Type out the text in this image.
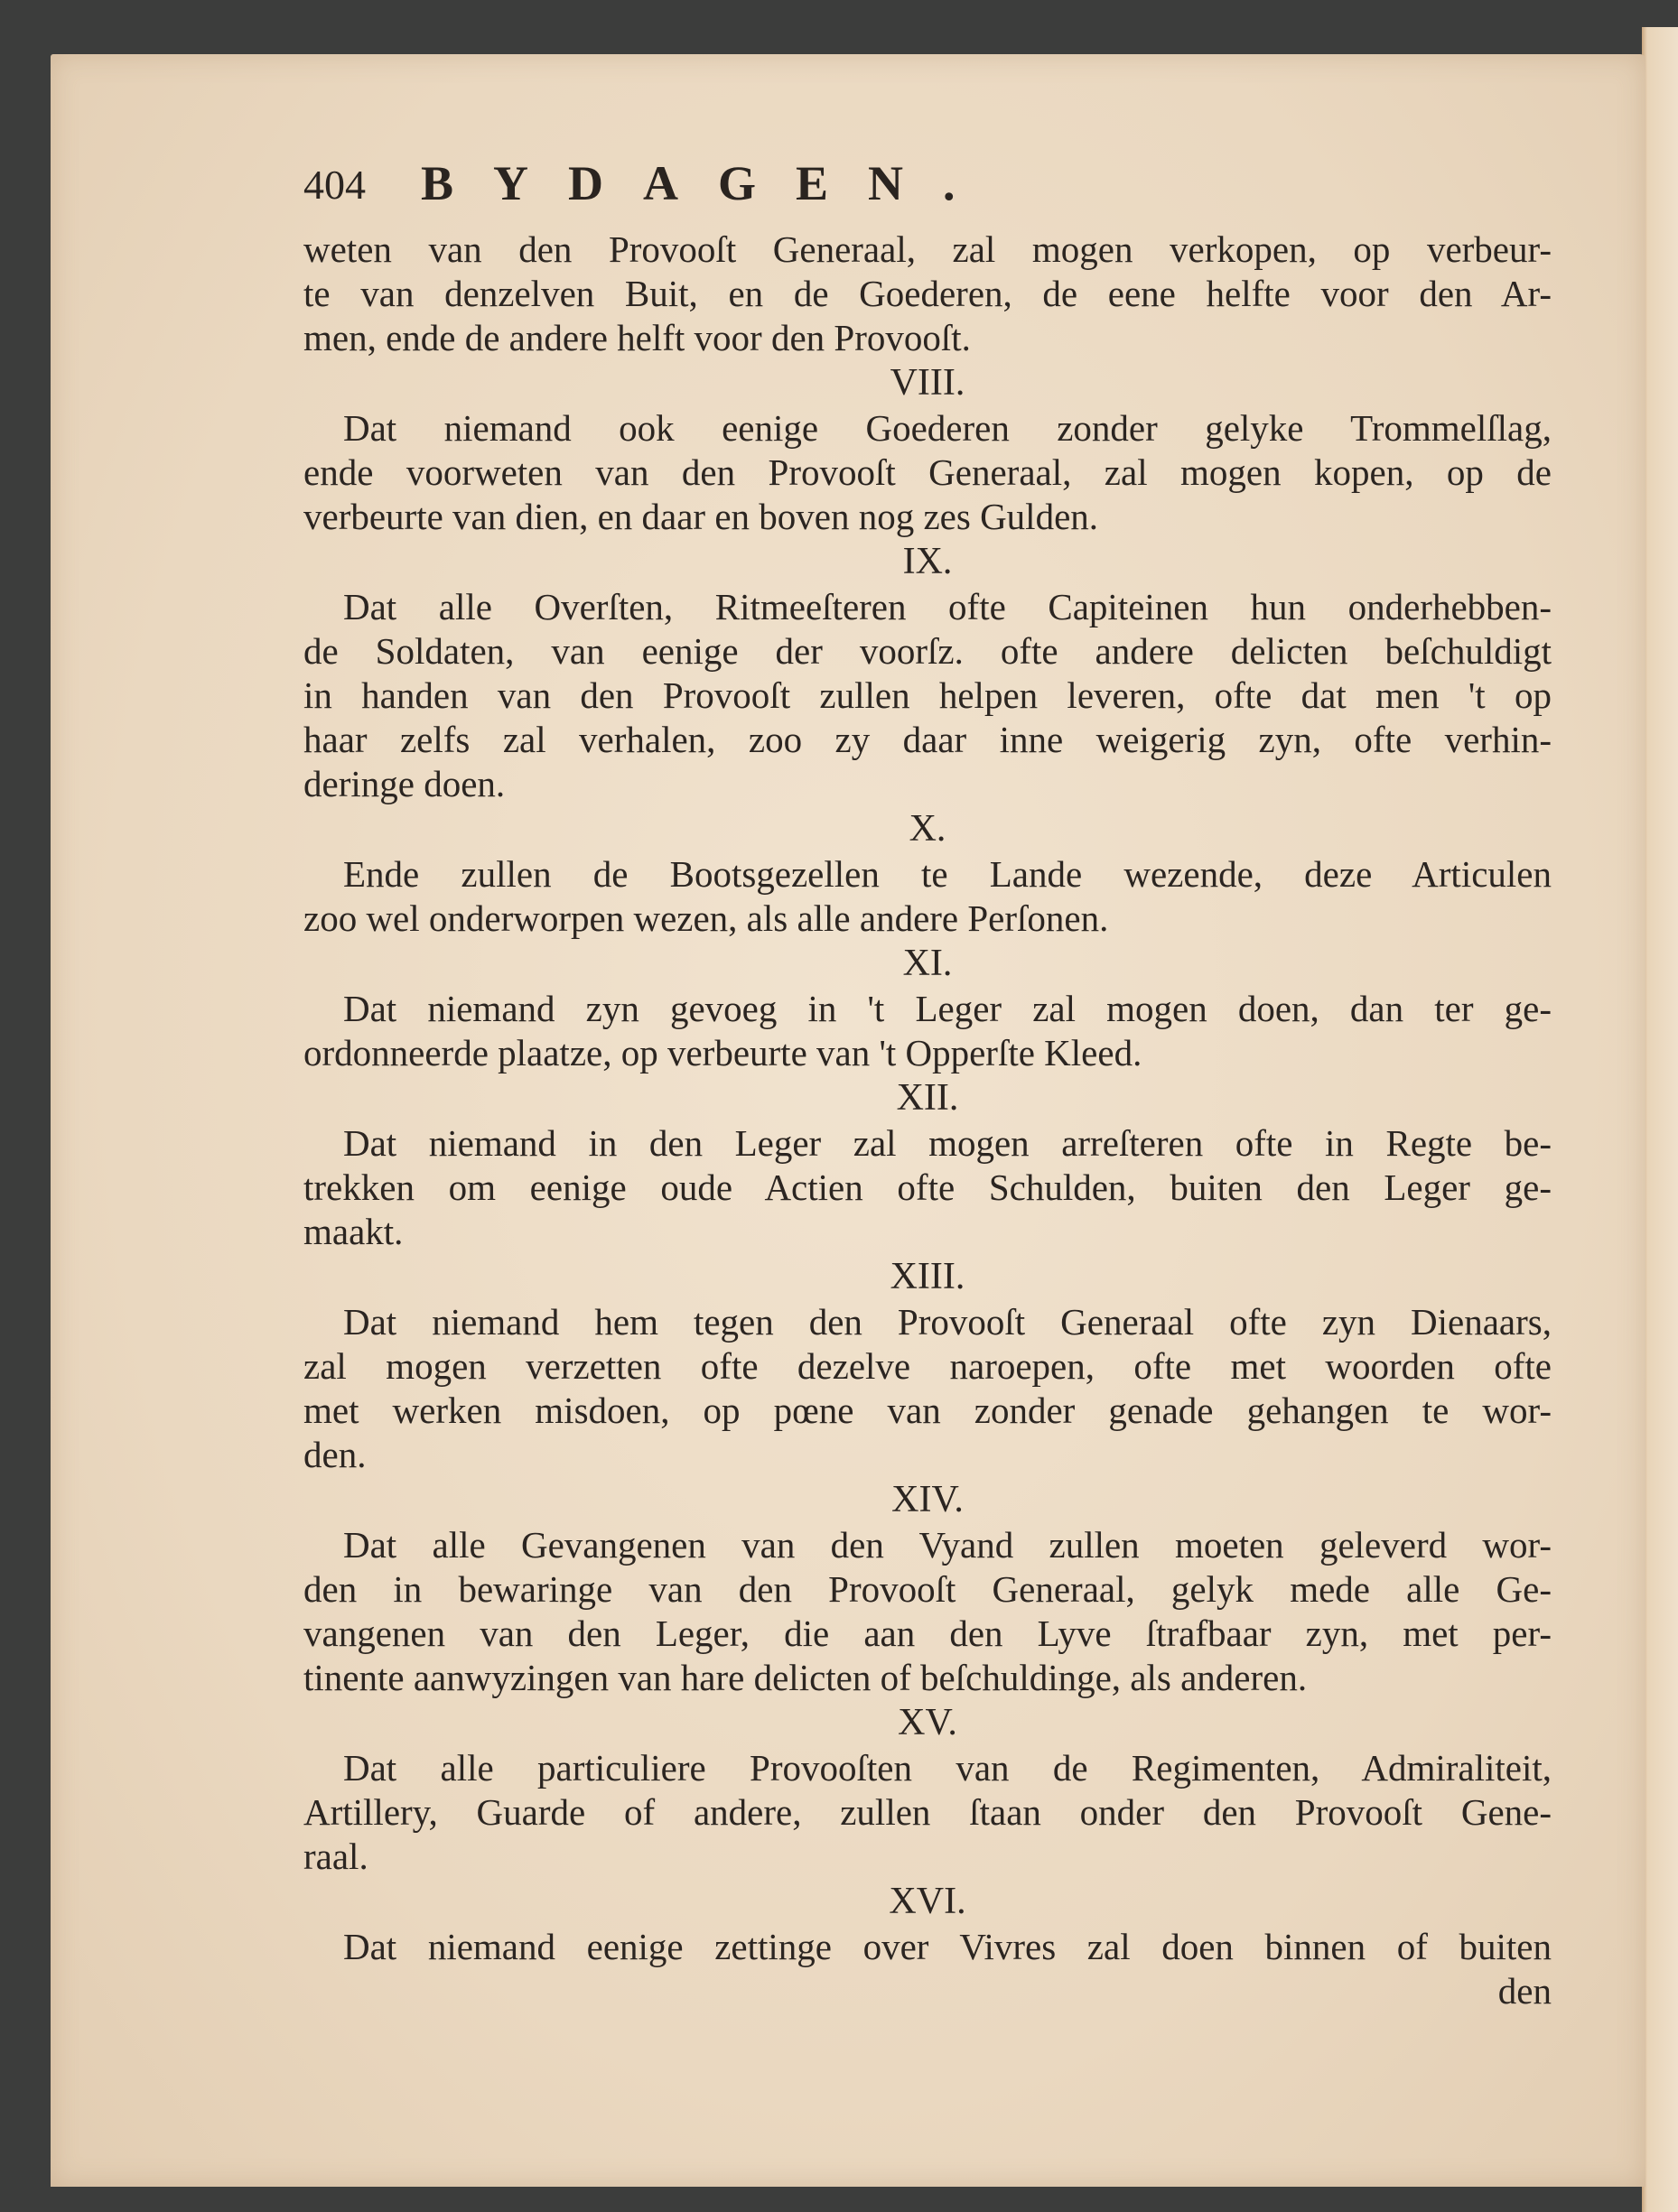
404 BYDAGEN.
weten van den Provooſt Generaal, zal mogen verkopen, op verbeur-
te van denzelven Buit, en de Goederen, de eene helfte voor den Ar-
men, ende de andere helft voor den Provooſt.
VIII.
Dat niemand ook eenige Goederen zonder gelyke Trommelſlag,
ende voorweten van den Provooſt Generaal, zal mogen kopen, op de
verbeurte van dien, en daar en boven nog zes Gulden.
IX.
Dat alle Overſten, Ritmeeſteren ofte Capiteinen hun onderhebben-
de Soldaten, van eenige der voorſz. ofte andere delicten beſchuldigt
in handen van den Provooſt zullen helpen leveren, ofte dat men 't op
haar zelfs zal verhalen, zoo zy daar inne weigerig zyn, ofte verhin-
deringe doen.
X.
Ende zullen de Bootsgezellen te Lande wezende, deze Articulen
zoo wel onderworpen wezen, als alle andere Perſonen.
XI.
Dat niemand zyn gevoeg in 't Leger zal mogen doen, dan ter ge-
ordonneerde plaatze, op verbeurte van 't Opperſte Kleed.
XII.
Dat niemand in den Leger zal mogen arreſteren ofte in Regte be-
trekken om eenige oude Actien ofte Schulden, buiten den Leger ge-
maakt.
XIII.
Dat niemand hem tegen den Provooſt Generaal ofte zyn Dienaars,
zal mogen verzetten ofte dezelve naroepen, ofte met woorden ofte
met werken misdoen, op pœne van zonder genade gehangen te wor-
den.
XIV.
Dat alle Gevangenen van den Vyand zullen moeten geleverd wor-
den in bewaringe van den Provooſt Generaal, gelyk mede alle Ge-
vangenen van den Leger, die aan den Lyve ſtrafbaar zyn, met per-
tinente aanwyzingen van hare delicten of beſchuldinge, als anderen.
XV.
Dat alle particuliere Provooſten van de Regimenten, Admiraliteit,
Artillery, Guarde of andere, zullen ſtaan onder den Provooſt Gene-
raal.
XVI.
Dat niemand eenige zettinge over Vivres zal doen binnen of buiten
den
